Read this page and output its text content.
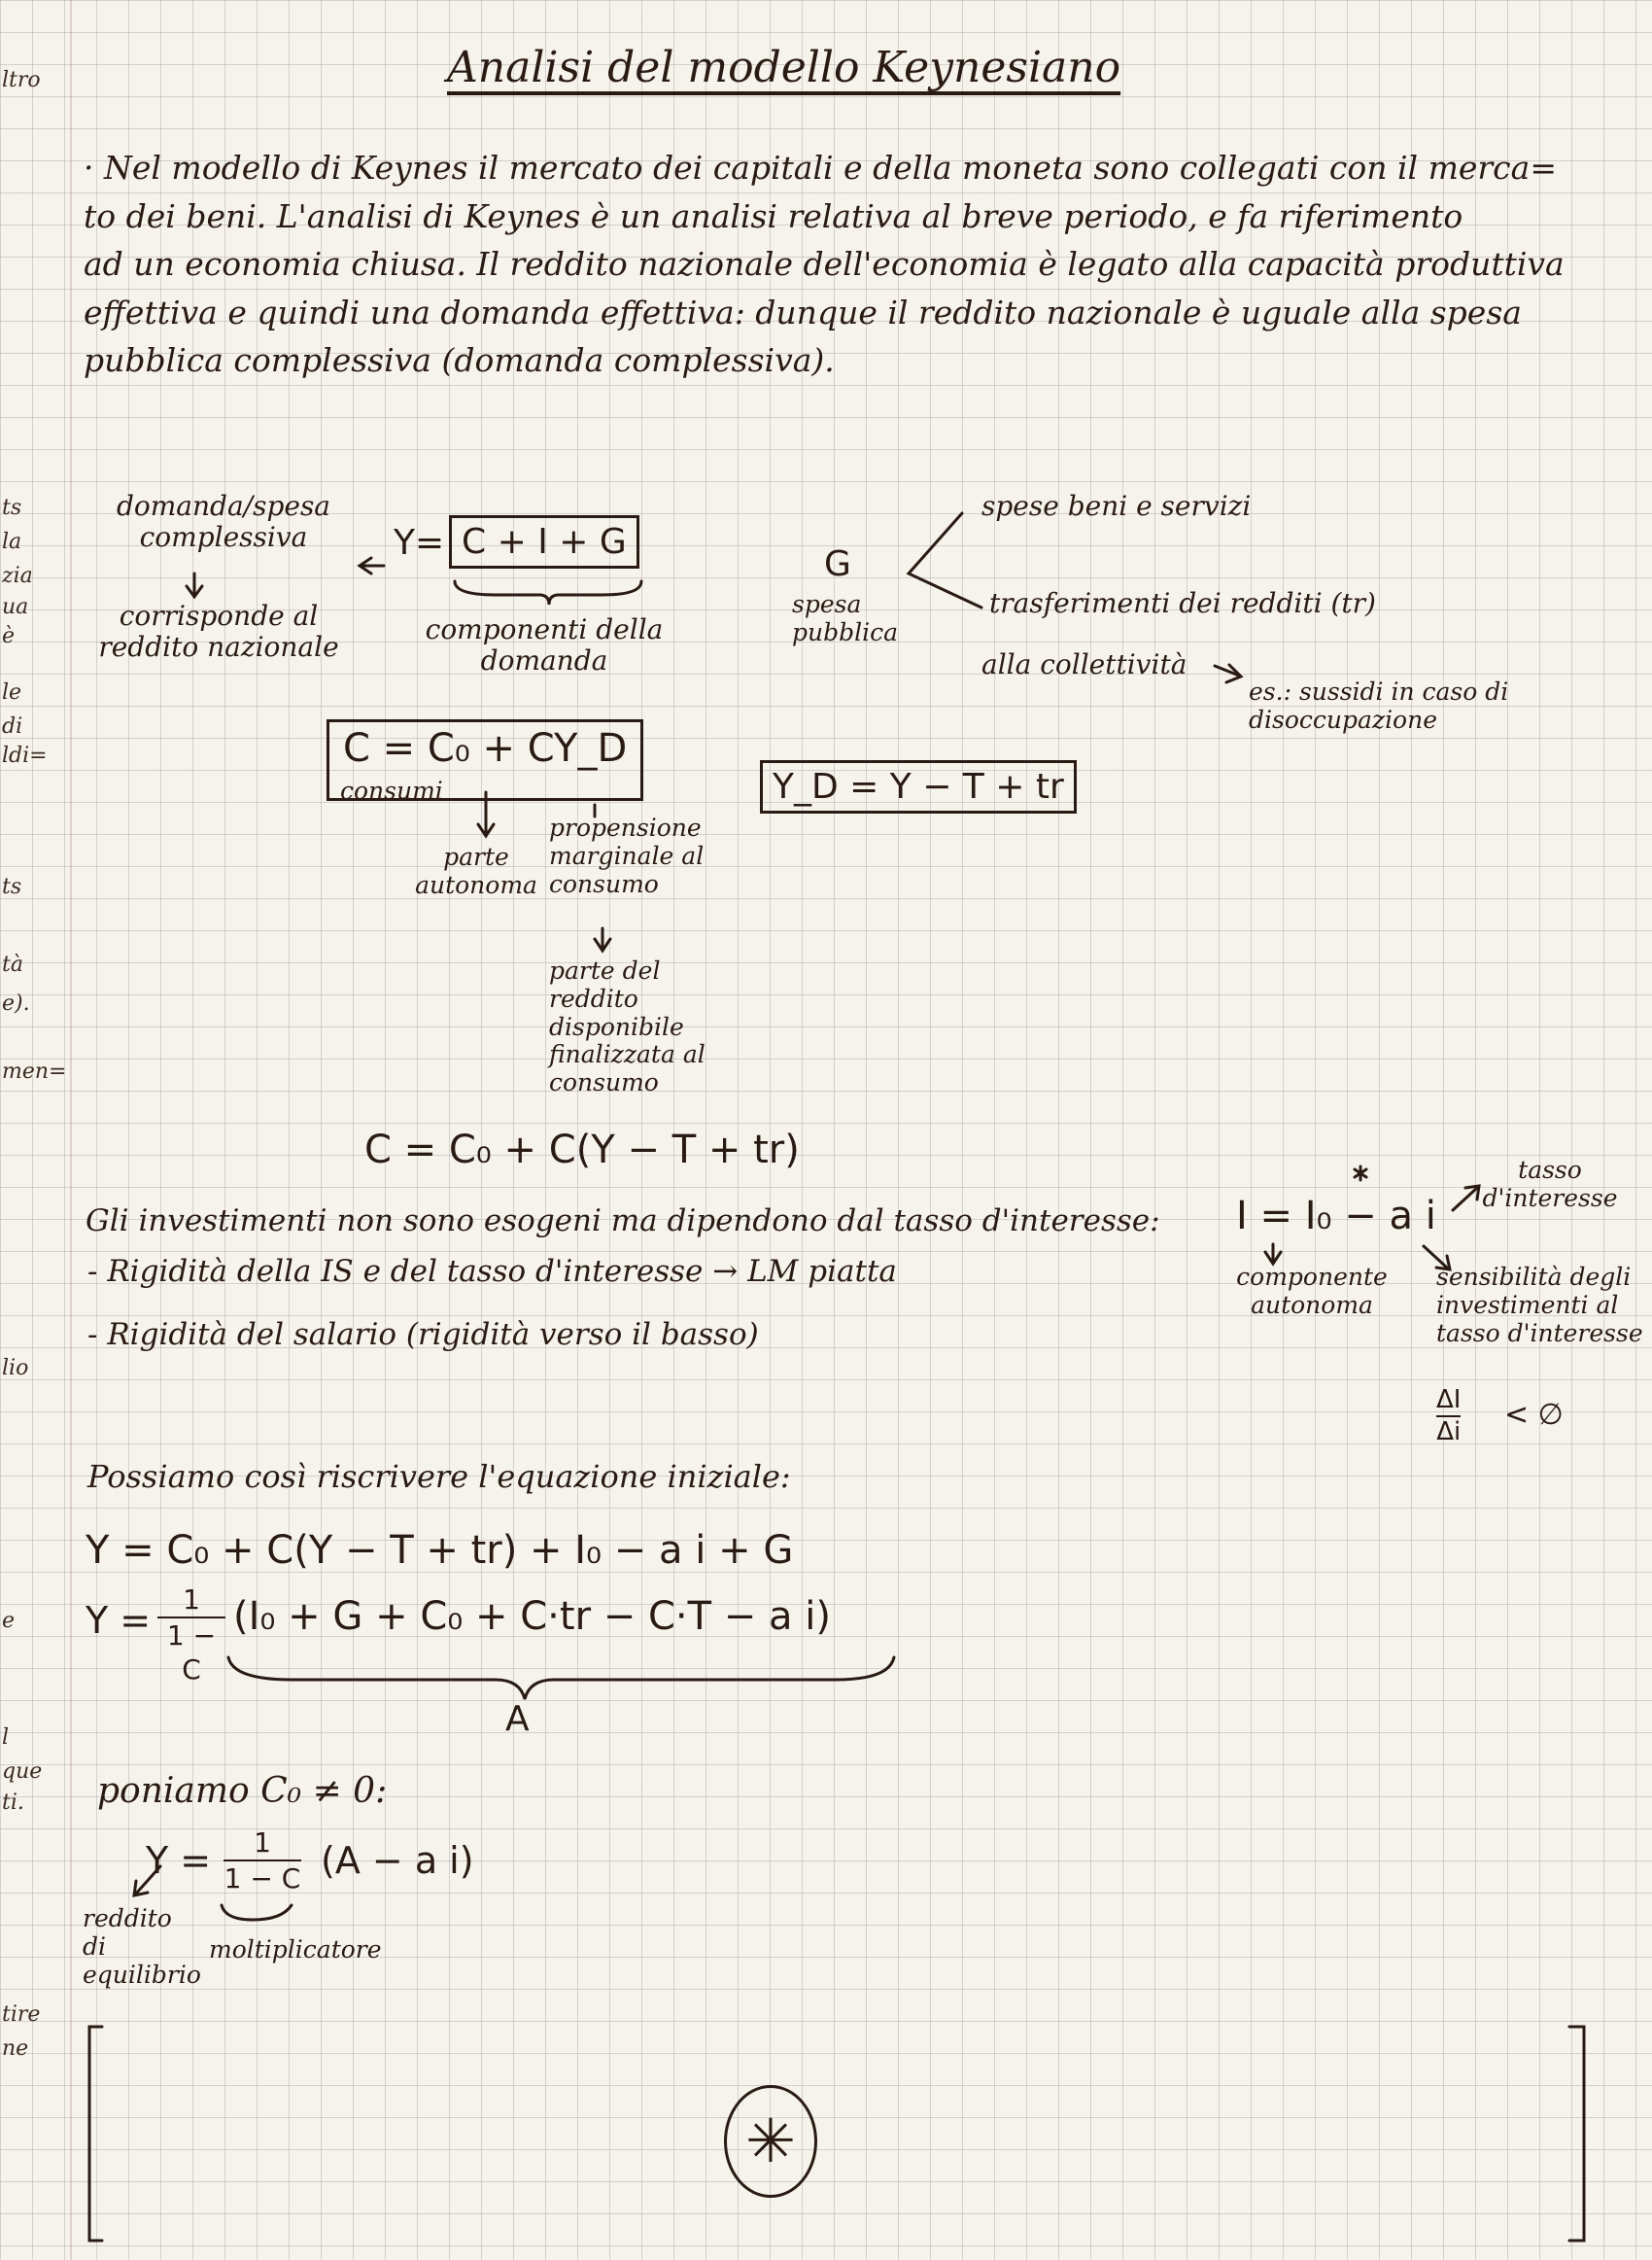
ltro
ts
la
zia
ua
è
le
di
ldi=
ts
tà
e).
men=
lio
e
l
que
ti.
tire
ne
Analisi del modello Keynesiano
· Nel modello di Keynes il mercato dei capitali e della moneta sono collegati con il merca=
to dei beni. L'analisi di Keynes è un analisi relativa al breve periodo, e fa riferimento
ad un economia chiusa. Il reddito nazionale dell'economia è legato alla capacità produttiva
effettiva e quindi una domanda effettiva: dunque il reddito nazionale è uguale alla spesa
pubblica complessiva (domanda complessiva).
domanda/spesa complessiva
corrisponde al reddito nazionale
Y= C + I + G
componenti della domanda
G
spesa pubblica
spese beni e servizi
trasferimenti dei redditi (tr)
alla collettività
es.: sussidi in caso di disoccupazione
C = C₀ + CY_D
consumi	Y_D = Y − T + tr
parte autonoma
propensione marginale al consumo
parte del reddito disponibile finalizzata al consumo
C = C₀ + C(Y − T + tr)
Gli investimenti non sono esogeni ma dipendono dal tasso d'interesse: I = I₀ − a i
tasso d'interesse
componente autonoma
sensibilità degli investimenti al tasso d'interesse
$\frac{\Delta I}{\Delta i}$ < ∅
- Rigidità della IS e del tasso d'interesse → LM piatta
- Rigidità del salario (rigidità verso il basso)
Possiamo così riscrivere l'equazione iniziale:
Y = C₀ + C(Y − T + tr) + I₀ − a i + G
$Y = \frac{1}{1 - C} (I_0 + G + C_0 + C\cdot tr - C\cdot T - a$ i)
A
poniamo C₀ ≠ 0:
$Y = \frac{1}{1 - C} (A - a$ i)
reddito di equilibrio
moltiplicatore
✳
